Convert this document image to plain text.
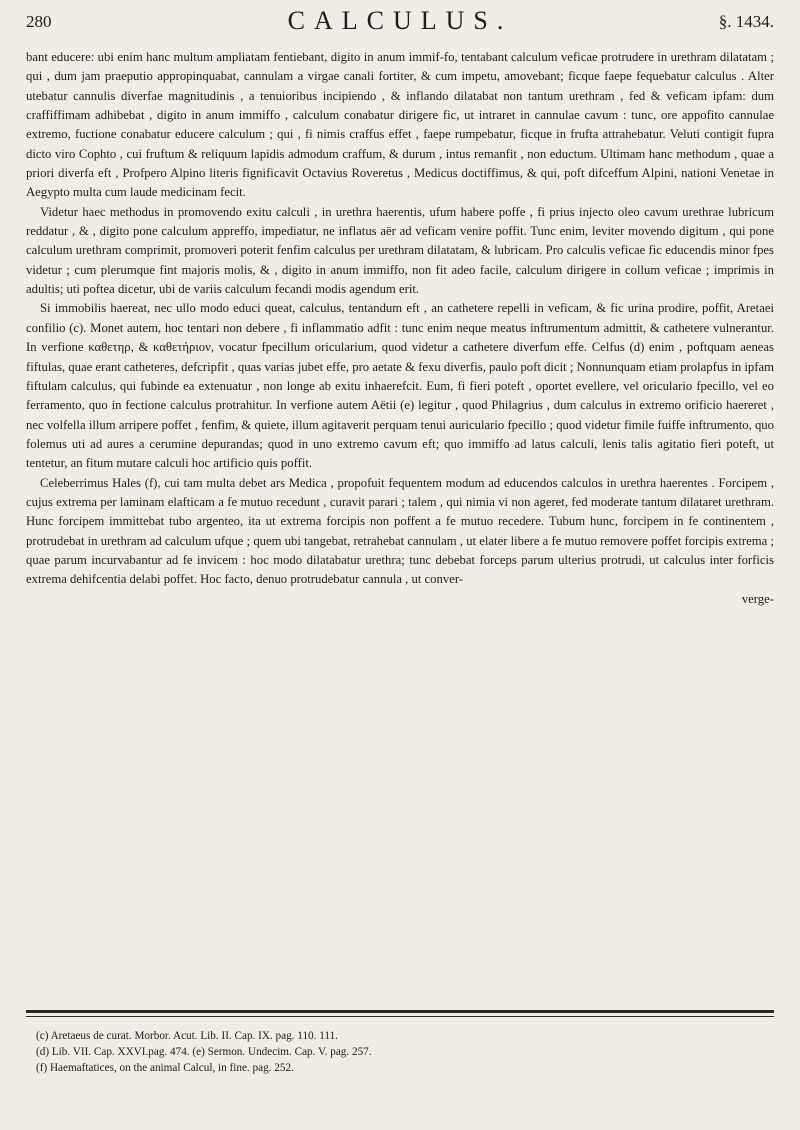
280	CALCULUS.	§. 1434.

bant educere: ubi enim hanc multum ampliatam fentiebant, digito in anum immif-fo, tentabant calculum veficae protrudere in urethram dilatatam ; qui , dum jam praeputio appropinquabat, cannulam a virgae canali fortiter, & cum impetu, amovebant; ficque faepe fequebatur calculus . Alter utebatur cannulis diverfae magnitudinis , a tenuioribus incipiendo , & inflando dilatabat non tantum urethram , fed & veficam ipfam: dum craffiffimam adhibebat , digito in anum immiffo , calculum conabatur dirigere fic, ut intraret in cannulae cavum : tunc, ore appofito cannulae extremo, fuctione conabatur educere calculum ; qui , fi nimis craffus effet , faepe rumpebatur, ficque in frufta attrahebatur. Veluti contigit fupra dicto viro Cophto , cui fruftum & reliquum lapidis admodum craffum, & durum , intus remanfit , non eductum. Ultimam hanc methodum , quae a priori diverfa eft , Profpero Alpino literis fignificavit Octavius Roveretus , Medicus doctiffimus, & qui, poft difceffum Alpini, nationi Venetae in Aegypto multa cum laude medicinam fecit.

Videtur haec methodus in promovendo exitu calculi , in urethra haerentis, ufum habere poffe , fi prius injecto oleo cavum urethrae lubricum reddatur , & , digito pone calculum appreffo, impediatur, ne inflatus aër ad veficam venire poffit. Tunc enim, leviter movendo digitum , qui pone calculum urethram comprimit, promoveri poterit fenfim calculus per urethram dilatatam, & lubricam. Pro calculis veficae fic educendis minor fpes videtur ; cum plerumque fint majoris molis, & , digito in anum immiffo, non fit adeo facile, calculum dirigere in collum veficae ; imprimis in adultis; uti poftea dicetur, ubi de variis calculum fecandi modis agendum erit.

Si immobilis haereat, nec ullo modo educi queat, calculus, tentandum eft , an cathetere repelli in veficam, & fic urina prodire, poffit, Aretaei confilio (c). Monet autem, hoc tentari non debere , fi inflammatio adfit : tunc enim neque meatus inftrumentum admittit, & cathetere vulnerantur. In verfione καθετηρ, & καθετήριον, vocatur fpecillum oricularium, quod videtur a cathetere diverfum effe. Celfus (d) enim , poftquam aeneas fiftulas, quae erant catheteres, defcripfit , quas varias jubet effe, pro aetate & fexu diverfis, paulo poft dicit ; Nonnunquam etiam prolapfus in ipfam fiftulam calculus, qui fubinde ea extenuatur , non longe ab exitu inhaerefcit. Eum, fi fieri poteft , oportet evellere, vel oriculario fpecillo, vel eo ferramento, quo in fectione calculus protrahitur. In verfione autem Aëtii (e) legitur , quod Philagrius , dum calculus in extremo orificio haereret , nec volfella illum arripere poffet , fenfim, & quiete, illum agitaverit perquam tenui auriculario fpecillo ; quod videtur fimile fuiffe inftrumento, quo folemus uti ad aures a cerumine depurandas; quod in uno extremo cavum eft; quo immiffo ad latus calculi, lenis talis agitatio fieri poteft, ut tentetur, an fitum mutare calculi hoc artificio quis poffit.

Celeberrimus Hales (f), cui tam multa debet ars Medica , propofuit fequentem modum ad educendos calculos in urethra haerentes . Forcipem , cujus extrema per laminam elafticam a fe mutuo recedunt , curavit parari ; talem , qui nimia vi non ageret, fed moderate tantum dilataret urethram. Hunc forcipem immittebat tubo argenteo, ita ut extrema forcipis non poffent a fe mutuo recedere. Tubum hunc, forcipem in fe continentem , protrudebat in urethram ad calculum ufque ; quem ubi tangebat, retrahebat cannulam , ut elater libere a fe mutuo removere poffet forcipis extrema ; quae parum incurvabantur ad fe invicem : hoc modo dilatabatur urethra; tunc debebat forceps parum ulterius protrudi, ut calculus inter forficis extrema dehifcentia delabi poffet. Hoc facto, denuo protrudebatur cannula , ut conver-

verge-
(c) Aretaeus de curat. Morbor. Acut. Lib. II. Cap. IX. pag. 110. 111.
(d) Lib. VII. Cap. XXVI.pag. 474. (e) Sermon. Undecim. Cap. V. pag. 257.
(f) Haemaftatices, on the animal Calcul, in fine. pag. 252.
